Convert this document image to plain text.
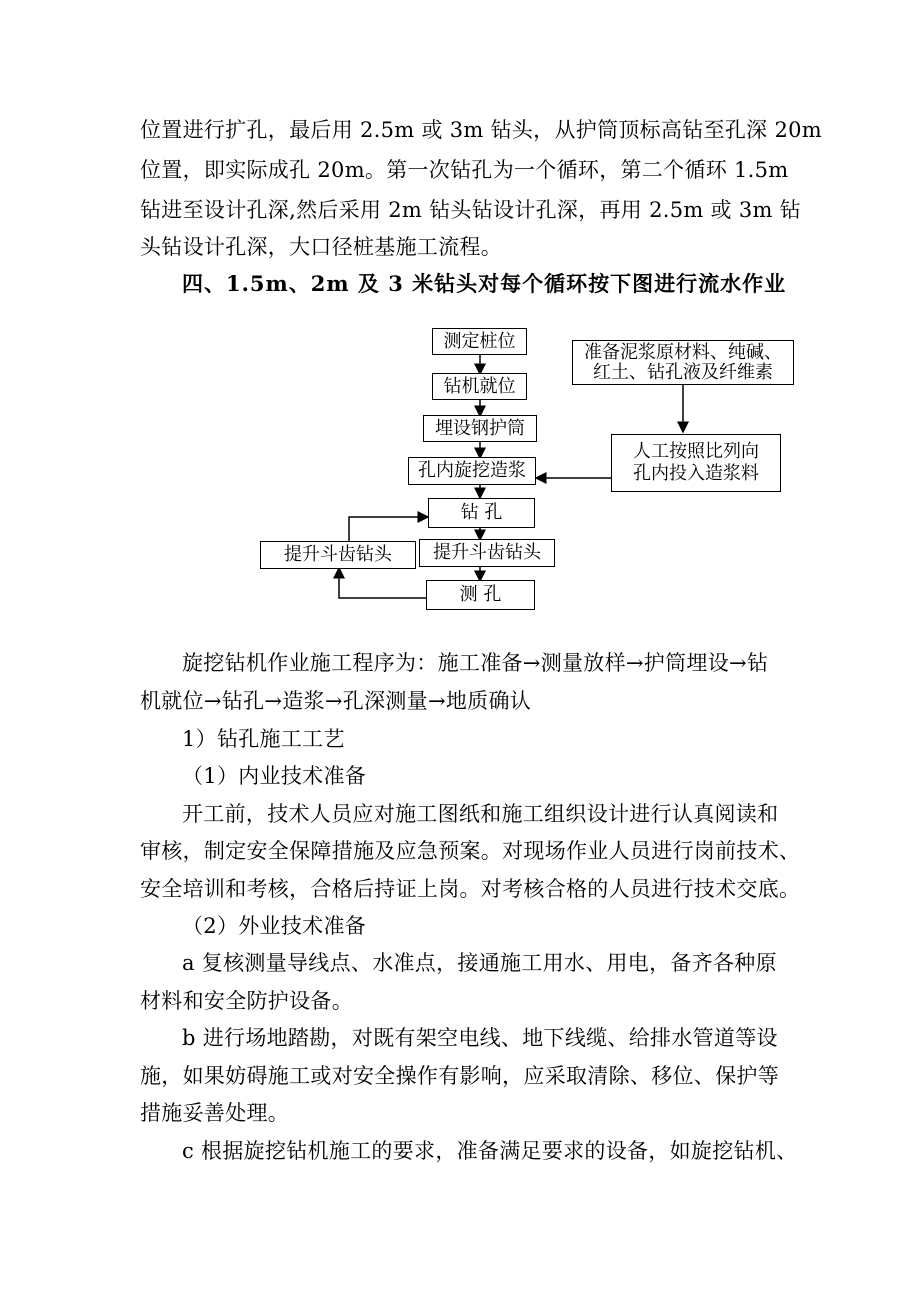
位置进行扩孔，最后用 2.5m 或 3m 钻头，从护筒顶标高钻至孔深 20m
位置，即实际成孔 20m。第一次钻孔为一个循环，第二个循环 1.5m
钻进至设计孔深,然后采用 2m 钻头钻设计孔深，再用 2.5m 或 3m 钻
头钻设计孔深，大口径桩基施工流程。
四、1.5m、2m 及 3 米钻头对每个循环按下图进行流水作业
测定桩位
钻机就位
埋设钢护筒
孔内旋挖造浆
钻 孔
提升斗齿钻头
测 孔
提升斗齿钻头
准备泥浆原材料、纯碱、
红土、钻孔液及纤维素
人工按照比列向
孔内投入造浆料
旋挖钻机作业施工程序为：施工准备→测量放样→护筒埋设→钻
机就位→钻孔→造浆→孔深测量→地质确认
1）钻孔施工工艺
（1）内业技术准备
开工前，技术人员应对施工图纸和施工组织设计进行认真阅读和
审核，制定安全保障措施及应急预案。对现场作业人员进行岗前技术、
安全培训和考核，合格后持证上岗。对考核合格的人员进行技术交底。
（2）外业技术准备
a 复核测量导线点、水准点，接通施工用水、用电，备齐各种原
材料和安全防护设备。
b 进行场地踏勘，对既有架空电线、地下线缆、给排水管道等设
施，如果妨碍施工或对安全操作有影响，应采取清除、移位、保护等
措施妥善处理。
c 根据旋挖钻机施工的要求，准备满足要求的设备，如旋挖钻机、
